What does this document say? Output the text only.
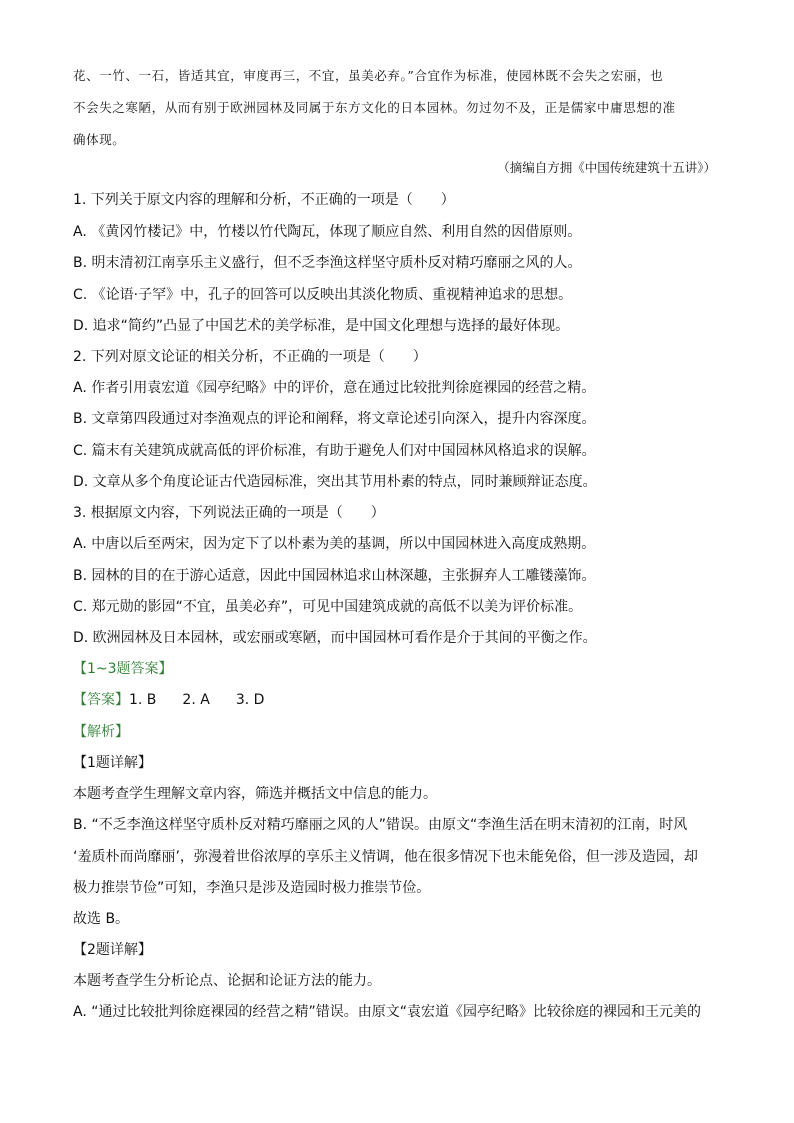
花、一竹、一石，皆适其宜，审度再三，不宜，虽美必弃。”合宜作为标准，使园林既不会失之宏丽，也
不会失之寒陋，从而有别于欧洲园林及同属于东方文化的日本园林。勿过勿不及，正是儒家中庸思想的准
确体现。
（摘编自方拥《中国传统建筑十五讲》）
1. 下列关于原文内容的理解和分析，不正确的一项是（　　）
A. 《黄冈竹楼记》中，竹楼以竹代陶瓦，体现了顺应自然、利用自然的因借原则。
B. 明末清初江南享乐主义盛行，但不乏李渔这样坚守质朴反对精巧靡丽之风的人。
C. 《论语·子罕》中，孔子的回答可以反映出其淡化物质、重视精神追求的思想。
D. 追求“简约”凸显了中国艺术的美学标准，是中国文化理想与选择的最好体现。
2. 下列对原文论证的相关分析，不正确的一项是（　　）
A. 作者引用袁宏道《园亭纪略》中的评价，意在通过比较批判徐庭裸园的经营之精。
B. 文章第四段通过对李渔观点的评论和阐释，将文章论述引向深入，提升内容深度。
C. 篇末有关建筑成就高低的评价标准，有助于避免人们对中国园林风格追求的误解。
D. 文章从多个角度论证古代造园标准，突出其节用朴素的特点，同时兼顾辩证态度。
3. 根据原文内容，下列说法正确的一项是（　　）
A. 中唐以后至两宋，因为定下了以朴素为美的基调，所以中国园林进入高度成熟期。
B. 园林的目的在于游心适意，因此中国园林追求山林深趣，主张摒弃人工雕镂藻饰。
C. 郑元勋的影园“不宜，虽美必弃”，可见中国建筑成就的高低不以美为评价标准。
D. 欧洲园林及日本园林，或宏丽或寒陋，而中国园林可看作是介于其间的平衡之作。
【1~3题答案】
【答案】1. B 2. A 3. D
【解析】
【1题详解】
本题考查学生理解文章内容，筛选并概括文中信息的能力。
B. “不乏李渔这样坚守质朴反对精巧靡丽之风的人”错误。由原文“李渔生活在明末清初的江南，时风
‘羞质朴而尚靡丽’，弥漫着世俗浓厚的享乐主义情调，他在很多情况下也未能免俗，但一涉及造园，却
极力推崇节俭”可知，李渔只是涉及造园时极力推崇节俭。
故选 B。
【2题详解】
本题考查学生分析论点、论据和论证方法的能力。
A. “通过比较批判徐庭裸园的经营之精”错误。由原文“袁宏道《园亭纪略》比较徐庭的裸园和王元美的
